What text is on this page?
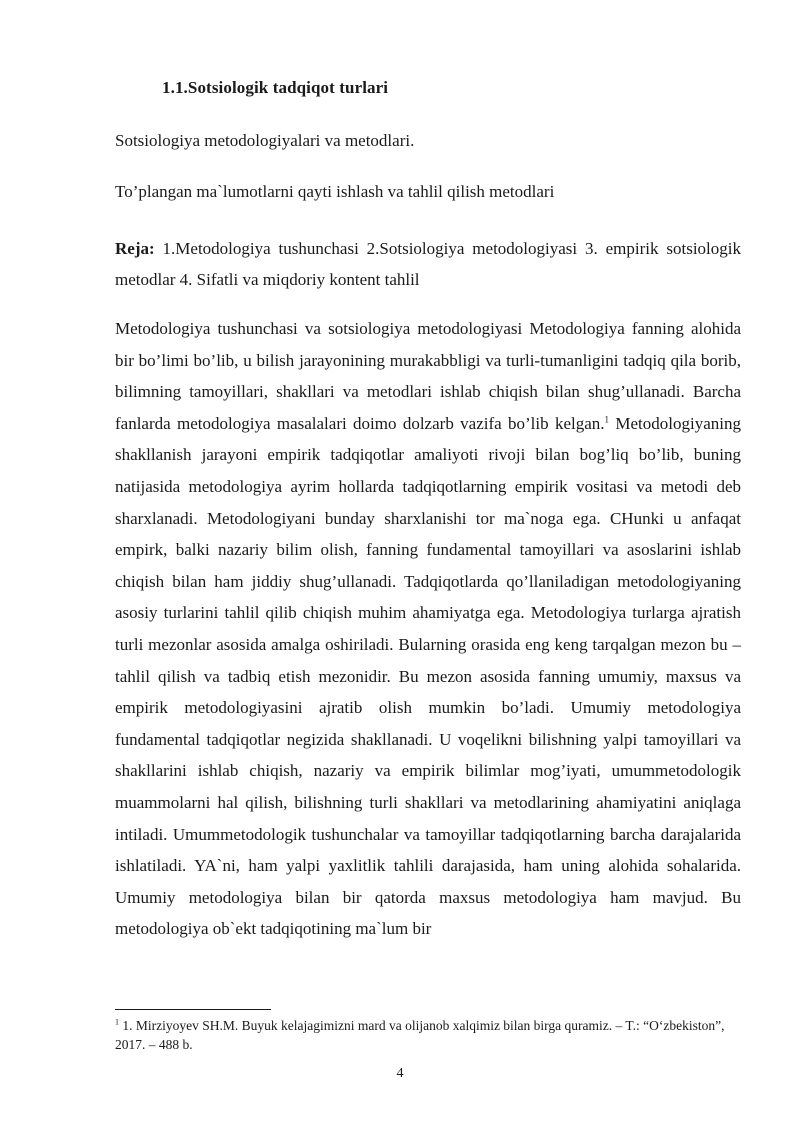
1.1.Sotsiologik tadqiqot turlari
Sotsiologiya metodologiyalari va metodlari.
To’plangan ma`lumotlarni qayti ishlash va tahlil qilish metodlari
Reja: 1.Metodologiya tushunchasi 2.Sotsiologiya metodologiyasi 3. empirik sotsiologik metodlar 4. Sifatli va miqdoriy kontent tahlil
Metodologiya tushunchasi va sotsiologiya metodologiyasi Metodologiya fanning alohida bir bo’limi bo’lib, u bilish jarayonining murakabbligi va turli-tumanligini tadqiq qila borib, bilimning tamoyillari, shakllari va metodlari ishlab chiqish bilan shug’ullanadi. Barcha fanlarda metodologiya masalalari doimo dolzarb vazifa bo’lib kelgan.$^1$ Metodologiyaning shakllanish jarayoni empirik tadqiqotlar amaliyoti rivoji bilan bog’liq bo’lib, buning natijasida metodologiya ayrim hollarda tadqiqotlarning empirik vositasi va metodi deb sharxlanadi. Metodologiyani bunday sharxlanishi tor ma`noga ega. CHunki u anfaqat empirk, balki nazariy bilim olish, fanning fundamental tamoyillari va asoslarini ishlab chiqish bilan ham jiddiy shug’ullanadi. Tadqiqotlarda qo’llaniladigan metodologiyaning asosiy turlarini tahlil qilib chiqish muhim ahamiyatga ega. Metodologiya turlarga ajratish turli mezonlar asosida amalga oshiriladi. Bularning orasida eng keng tarqalgan mezon bu – tahlil qilish va tadbiq etish mezonidir. Bu mezon asosida fanning umumiy, maxsus va empirik metodologiyasini ajratib olish mumkin bo’ladi. Umumiy metodologiya fundamental tadqiqotlar negizida shakllanadi. U voqelikni bilishning yalpi tamoyillari va shakllarini ishlab chiqish, nazariy va empirik bilimlar mog’iyati, umummetodologik muammolarni hal qilish, bilishning turli shakllari va metodlarining ahamiyatini aniqlaga intiladi. Umummetodologik tushunchalar va tamoyillar tadqiqotlarning barcha darajalarida ishlatiladi. YA`ni, ham yalpi yaxlitlik tahlili darajasida, ham uning alohida sohalarida. Umumiy metodologiya bilan bir qatorda maxsus metodologiya ham mavjud. Bu metodologiya ob`ekt tadqiqotining ma`lum bir
$^1$ 1. Mirziyoyev SH.M. Buyuk kelajagimizni mard va olijanob xalqimiz bilan birga quramiz. – T.: “O‘zbekiston”, 2017. – 488 b.
4
